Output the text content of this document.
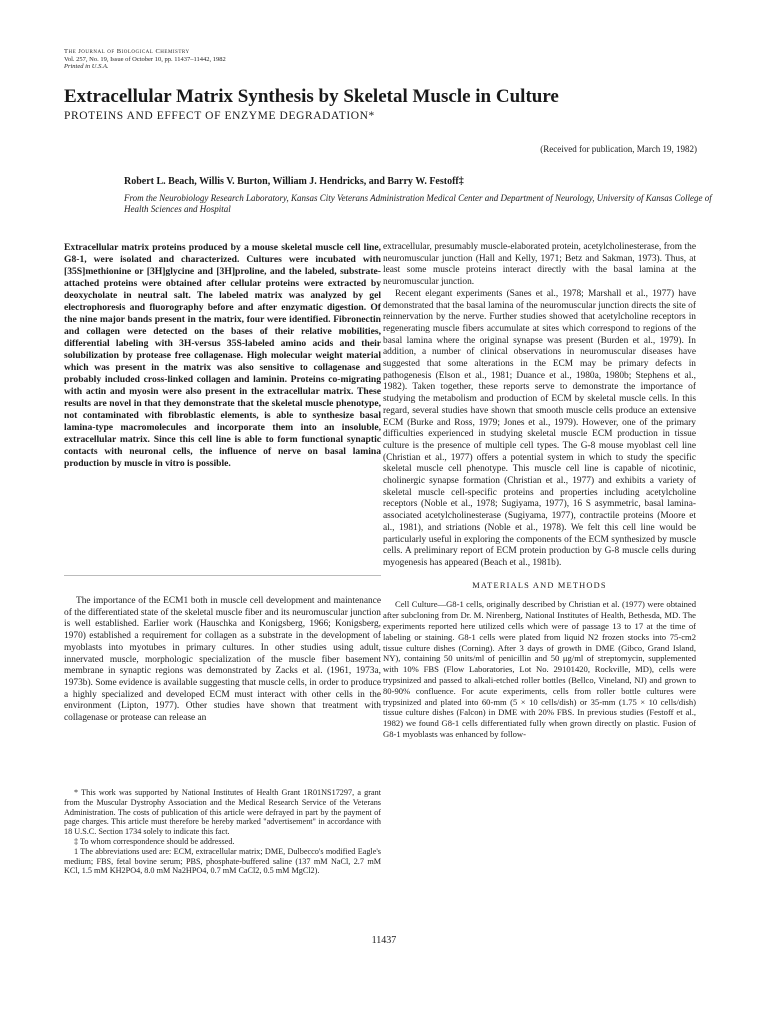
The Journal of Biological Chemistry
Vol. 257, No. 19, Issue of October 10, pp. 11437–11442, 1982
Printed in U.S.A.
Extracellular Matrix Synthesis by Skeletal Muscle in Culture
PROTEINS AND EFFECT OF ENZYME DEGRADATION*
(Received for publication, March 19, 1982)
Robert L. Beach, Willis V. Burton, William J. Hendricks, and Barry W. Festoff‡
From the Neurobiology Research Laboratory, Kansas City Veterans Administration Medical Center and Department of Neurology, University of Kansas College of Health Sciences and Hospital

Extracellular matrix proteins produced by a mouse skeletal muscle cell line, G8-1, were isolated and characterized. Cultures were incubated with [35S]methionine or [3H]glycine and [3H]proline, and the labeled, substrate-attached proteins were obtained after cellular proteins were extracted by deoxycholate in neutral salt. The labeled matrix was analyzed by gel electrophoresis and fluorography before and after enzymatic digestion. Of the nine major bands present in the matrix, four were identified. Fibronectin and collagen were detected on the bases of their relative mobilities, differential labeling with 3H-versus 35S-labeled amino acids and their solubilization by protease free collagenase. High molecular weight material which was present in the matrix was also sensitive to collagenase and probably included cross-linked collagen and laminin. Proteins co-migrating with actin and myosin were also present in the extracellular matrix. These results are novel in that they demonstrate that the skeletal muscle phenotype, not contaminated with fibroblastic elements, is able to synthesize basal lamina-type macromolecules and incorporate them into an insoluble, extracellular matrix. Since this cell line is able to form functional synaptic contacts with neuronal cells, the influence of nerve on basal lamina production by muscle in vitro is possible.

The importance of the ECM1 both in muscle cell development and maintenance of the differentiated state of the skeletal muscle fiber and its neuromuscular junction is well established. Earlier work (Hauschka and Konigsberg, 1966; Konigsberg, 1970) established a requirement for collagen as a substrate in the development of myoblasts into myotubes in primary cultures. In other studies using adult, innervated muscle, morphologic specialization of the muscle fiber basement membrane in synaptic regions was demonstrated by Zacks et al. (1961, 1973a, 1973b). Some evidence is available suggesting that muscle cells, in order to produce a highly specialized and developed ECM must interact with other cells in the environment (Lipton, 1977). Other studies have shown that treatment with collagenase or protease can release an

* This work was supported by National Institutes of Health Grant 1R01NS17297, a grant from the Muscular Dystrophy Association and the Medical Research Service of the Veterans Administration. The costs of publication of this article were defrayed in part by the payment of page charges. This article must therefore be hereby marked "advertisement" in accordance with 18 U.S.C. Section 1734 solely to indicate this fact.

‡ To whom correspondence should be addressed.

1 The abbreviations used are: ECM, extracellular matrix; DME, Dulbecco's modified Eagle's medium; FBS, fetal bovine serum; PBS, phosphate-buffered saline (137 mM NaCl, 2.7 mM KCl, 1.5 mM KH2PO4, 8.0 mM Na2HPO4, 0.7 mM CaCl2, 0.5 mM MgCl2).

extracellular, presumably muscle-elaborated protein, acetylcholinesterase, from the neuromuscular junction (Hall and Kelly, 1971; Betz and Sakman, 1973). Thus, at least some muscle proteins interact directly with the basal lamina at the neuromuscular junction.

Recent elegant experiments (Sanes et al., 1978; Marshall et al., 1977) have demonstrated that the basal lamina of the neuromuscular junction directs the site of reinnervation by the nerve. Further studies showed that acetylcholine receptors in regenerating muscle fibers accumulate at sites which correspond to regions of the basal lamina where the original synapse was present (Burden et al., 1979). In addition, a number of clinical observations in neuromuscular diseases have suggested that some alterations in the ECM may be primary defects in pathogenesis (Elson et al., 1981; Duance et al., 1980a, 1980b; Stephens et al., 1982). Taken together, these reports serve to demonstrate the importance of studying the metabolism and production of ECM by skeletal muscle cells. In this regard, several studies have shown that smooth muscle cells produce an extensive ECM (Burke and Ross, 1979; Jones et al., 1979). However, one of the primary difficulties experienced in studying skeletal muscle ECM production in tissue culture is the presence of multiple cell types. The G-8 mouse myoblast cell line (Christian et al., 1977) offers a potential system in which to study the specific skeletal muscle cell phenotype. This muscle cell line is capable of nicotinic, cholinergic synapse formation (Christian et al., 1977) and exhibits a variety of skeletal muscle cell-specific proteins and properties including acetylcholine receptors (Noble et al., 1978; Sugiyama, 1977), 16 S asymmetric, basal lamina-associated acetylcholinesterase (Sugiyama, 1977), contractile proteins (Moore et al., 1981), and striations (Noble et al., 1978). We felt this cell line would be particularly useful in exploring the components of the ECM synthesized by muscle cells. A preliminary report of ECM protein production by G-8 muscle cells during myogenesis has appeared (Beach et al., 1981b).

MATERIALS AND METHODS

Cell Culture—G8-1 cells, originally described by Christian et al. (1977) were obtained after subcloning from Dr. M. Nirenberg, National Institutes of Health, Bethesda, MD. The experiments reported here utilized cells which were of passage 13 to 17 at the time of labeling or staining. G8-1 cells were plated from liquid N2 frozen stocks into 75-cm2 tissue culture dishes (Corning). After 3 days of growth in DME (Gibco, Grand Island, NY), containing 50 units/ml of penicillin and 50 μg/ml of streptomycin, supplemented with 10% FBS (Flow Laboratories, Lot No. 29101420, Rockville, MD), cells were trypsinized and passed to alkali-etched roller bottles (Bellco, Vineland, NJ) and grown to 80-90% confluence. For acute experiments, cells from roller bottle cultures were trypsinized and plated into 60-mm (5 × 10 cells/dish) or 35-mm (1.75 × 10 cells/dish) tissue culture dishes (Falcon) in DME with 20% FBS. In previous studies (Festoff et al., 1982) we found G8-1 cells differentiated fully when grown directly on plastic. Fusion of G8-1 myoblasts was enhanced by follow-

11437
